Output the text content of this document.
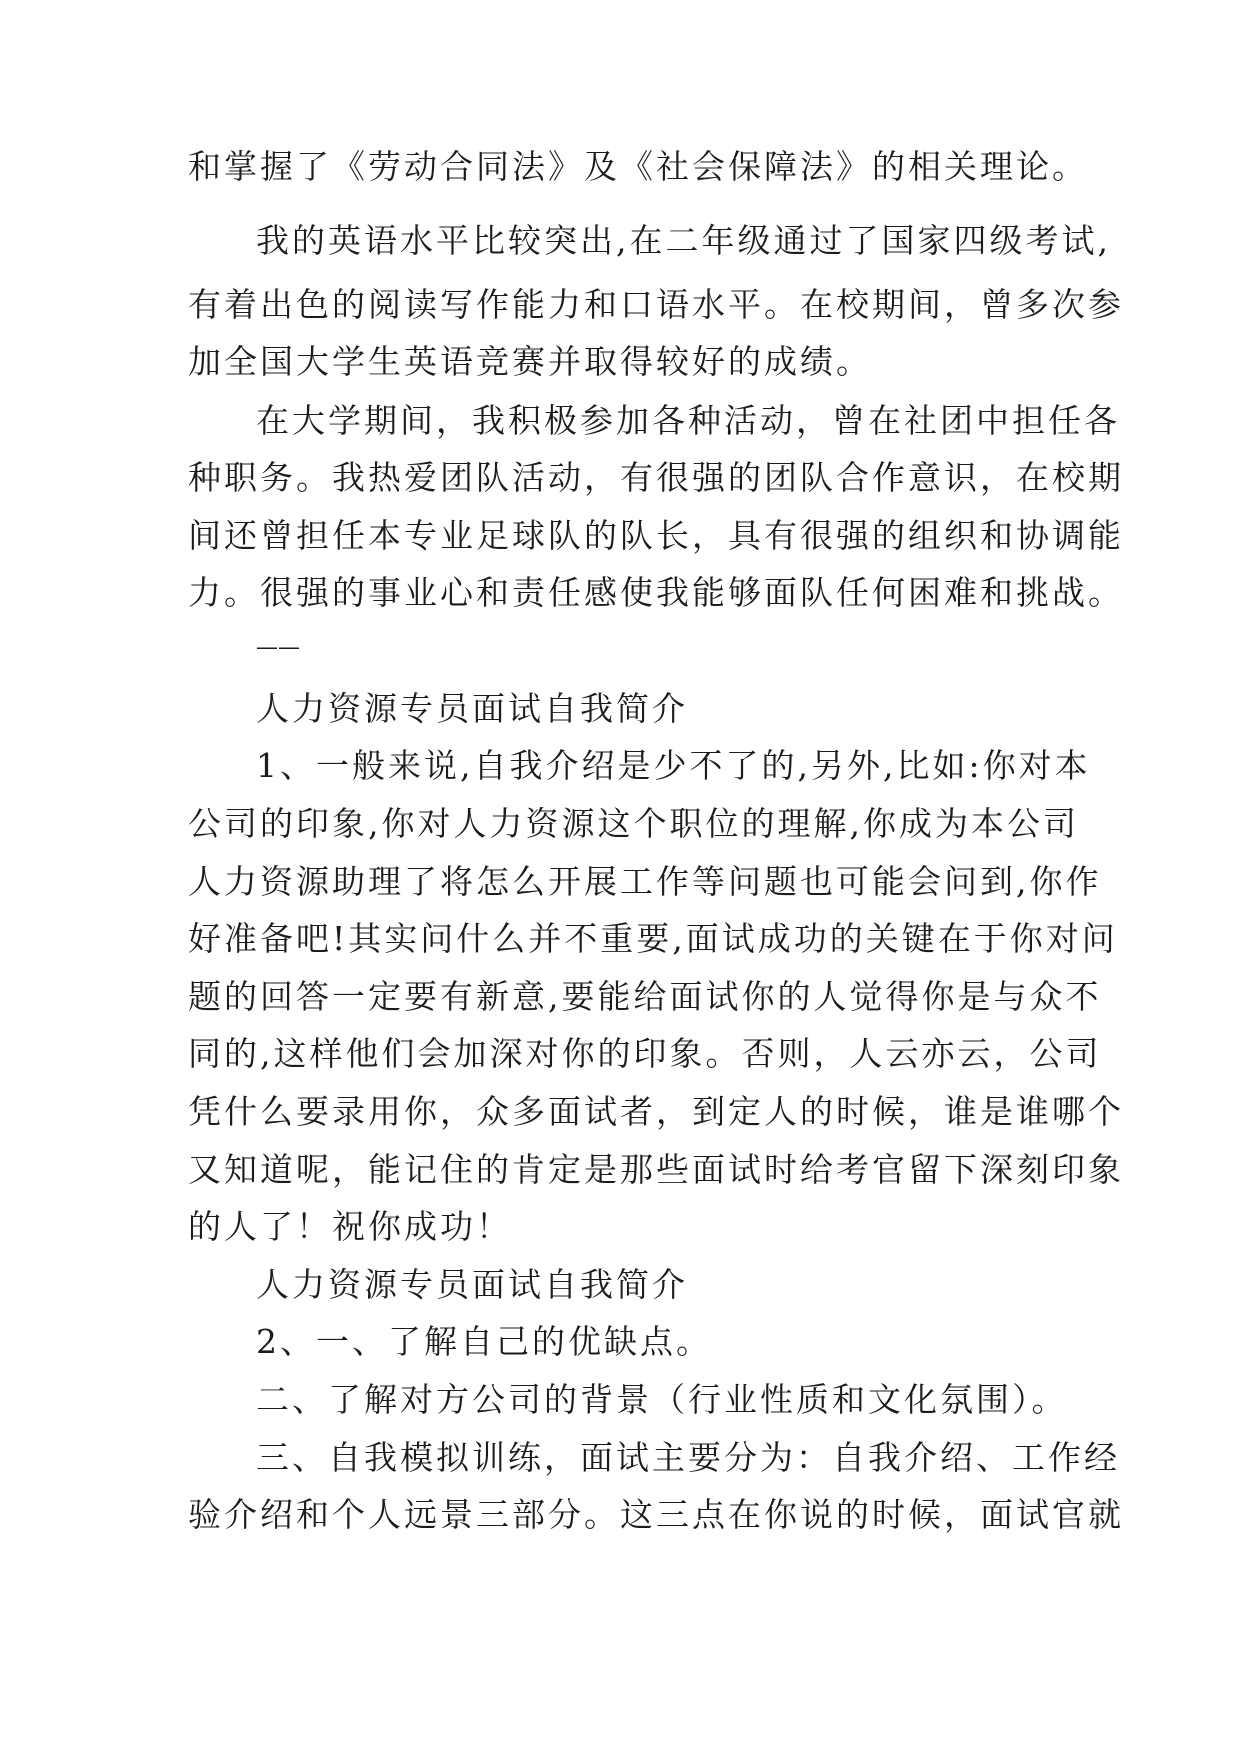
和掌握了《劳动合同法》及《社会保障法》的相关理论。
我的英语水平比较突出,在二年级通过了国家四级考试,
有着出色的阅读写作能力和口语水平。在校期间，曾多次参
加全国大学生英语竞赛并取得较好的成绩。
在大学期间，我积极参加各种活动，曾在社团中担任各
种职务。我热爱团队活动，有很强的团队合作意识，在校期
间还曾担任本专业足球队的队长，具有很强的组织和协调能
力。很强的事业心和责任感使我能够面队任何困难和挑战。
——
人力资源专员面试自我简介
1、一般来说,自我介绍是少不了的,另外,比如:你对本
公司的印象,你对人力资源这个职位的理解,你成为本公司
人力资源助理了将怎么开展工作等问题也可能会问到,你作
好准备吧!其实问什么并不重要,面试成功的关键在于你对问
题的回答一定要有新意,要能给面试你的人觉得你是与众不
同的,这样他们会加深对你的印象。否则，人云亦云，公司
凭什么要录用你，众多面试者，到定人的时候，谁是谁哪个
又知道呢，能记住的肯定是那些面试时给考官留下深刻印象
的人了！祝你成功！
人力资源专员面试自我简介
2、一、了解自己的优缺点。
二、了解对方公司的背景（行业性质和文化氛围）。
三、自我模拟训练，面试主要分为：自我介绍、工作经
验介绍和个人远景三部分。这三点在你说的时候，面试官就
